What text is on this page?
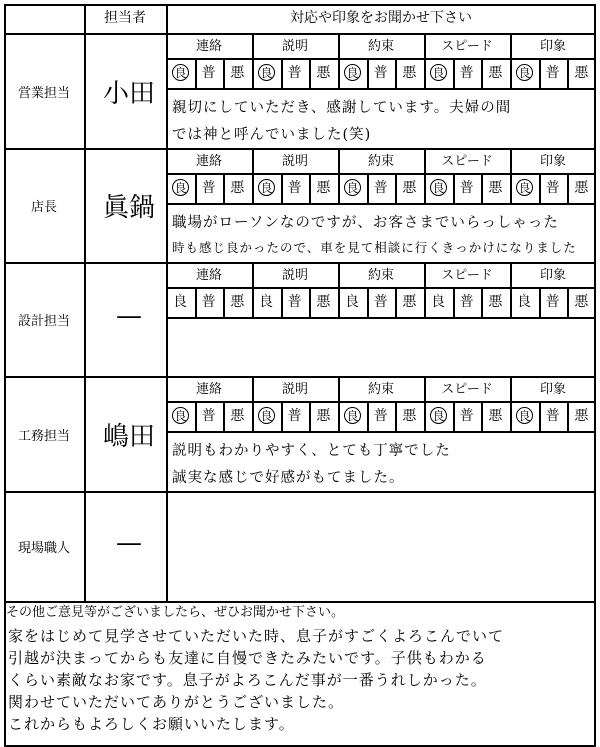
担当者	対応や印象をお聞かせ下さい
営業担当	小田
連絡
良	普	悪
説明
良	普	悪
約束
良	普	悪
スピード
良	普	悪
印象
良	普	悪
親切にしていただき、感謝しています。夫婦の間
では神と呼んでいました(笑)
店長	眞鍋
連絡
良	普	悪
説明
良	普	悪
約束
良	普	悪
スピード
良	普	悪
印象
良	普	悪
職場がローソンなのですが、お客さまでいらっしゃった
時も感じ良かったので、車を見て相談に行くきっかけになりました
設計担当	—
連絡
良	普	悪
説明
良	普	悪
約束
良	普	悪
スピード
良	普	悪
印象
良	普	悪
工務担当	嶋田
連絡
良	普	悪
説明
良	普	悪
約束
良	普	悪
スピード
良	普	悪
印象
良	普	悪
説明もわかりやすく、とても丁寧でした
誠実な感じで好感がもてました。
現場職人	—
その他ご意見等がございましたら、ぜひお聞かせ下さい。
家をはじめて見学させていただいた時、息子がすごくよろこんでいて
引越が決まってからも友達に自慢できたみたいです。子供もわかる
くらい素敵なお家です。息子がよろこんだ事が一番うれしかった。
関わせていただいてありがとうございました。
これからもよろしくお願いいたします。
